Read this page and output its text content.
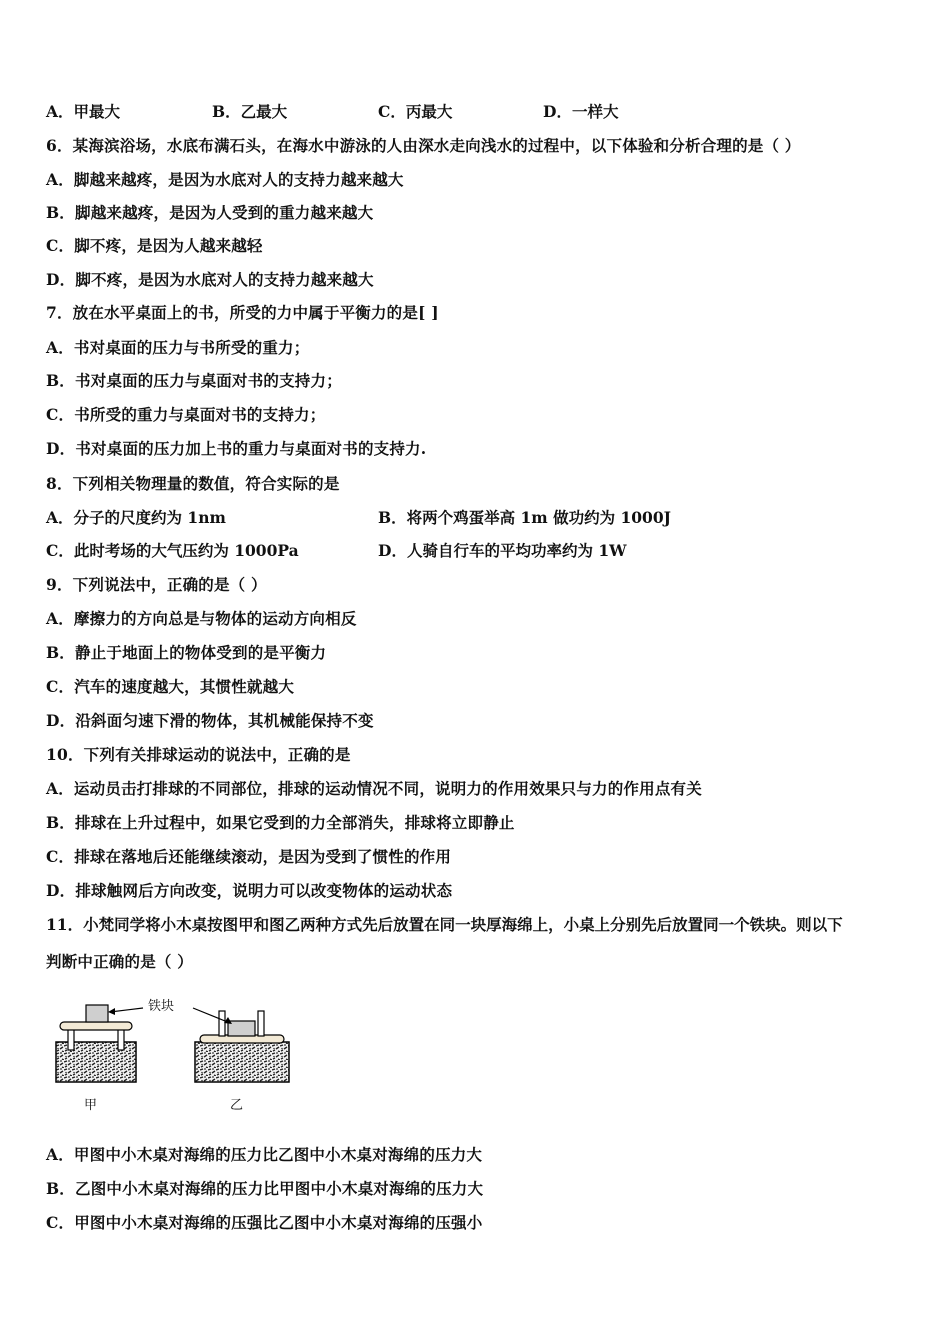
A．甲最大	B．乙最大	C．丙最大	D．一样大
6．某海滨浴场，水底布满石头，在海水中游泳的人由深水走向浅水的过程中，以下体验和分析合理的是（ ）
A．脚越来越疼，是因为水底对人的支持力越来越大
B．脚越来越疼，是因为人受到的重力越来越大
C．脚不疼，是因为人越来越轻
D．脚不疼，是因为水底对人的支持力越来越大
7．放在水平桌面上的书，所受的力中属于平衡力的是[ ]
A．书对桌面的压力与书所受的重力；
B．书对桌面的压力与桌面对书的支持力；
C．书所受的重力与桌面对书的支持力；
D．书对桌面的压力加上书的重力与桌面对书的支持力.
8．下列相关物理量的数值，符合实际的是
A．分子的尺度约为 1nm	B．将两个鸡蛋举高 1m 做功约为 1000J
C．此时考场的大气压约为 1000Pa	D．人骑自行车的平均功率约为 1W
9．下列说法中，正确的是（ ）
A．摩擦力的方向总是与物体的运动方向相反
B．静止于地面上的物体受到的是平衡力
C．汽车的速度越大，其惯性就越大
D．沿斜面匀速下滑的物体，其机械能保持不变
10．下列有关排球运动的说法中，正确的是
A．运动员击打排球的不同部位，排球的运动情况不同，说明力的作用效果只与力的作用点有关
B．排球在上升过程中，如果它受到的力全部消失，排球将立即静止
C．排球在落地后还能继续滚动，是因为受到了惯性的作用
D．排球触网后方向改变，说明力可以改变物体的运动状态
11．小梵同学将小木桌按图甲和图乙两种方式先后放置在同一块厚海绵上，小桌上分别先后放置同一个铁块。则以下
判断中正确的是（ ）
铁块
甲	乙
A．甲图中小木桌对海绵的压力比乙图中小木桌对海绵的压力大
B．乙图中小木桌对海绵的压力比甲图中小木桌对海绵的压力大
C．甲图中小木桌对海绵的压强比乙图中小木桌对海绵的压强小
